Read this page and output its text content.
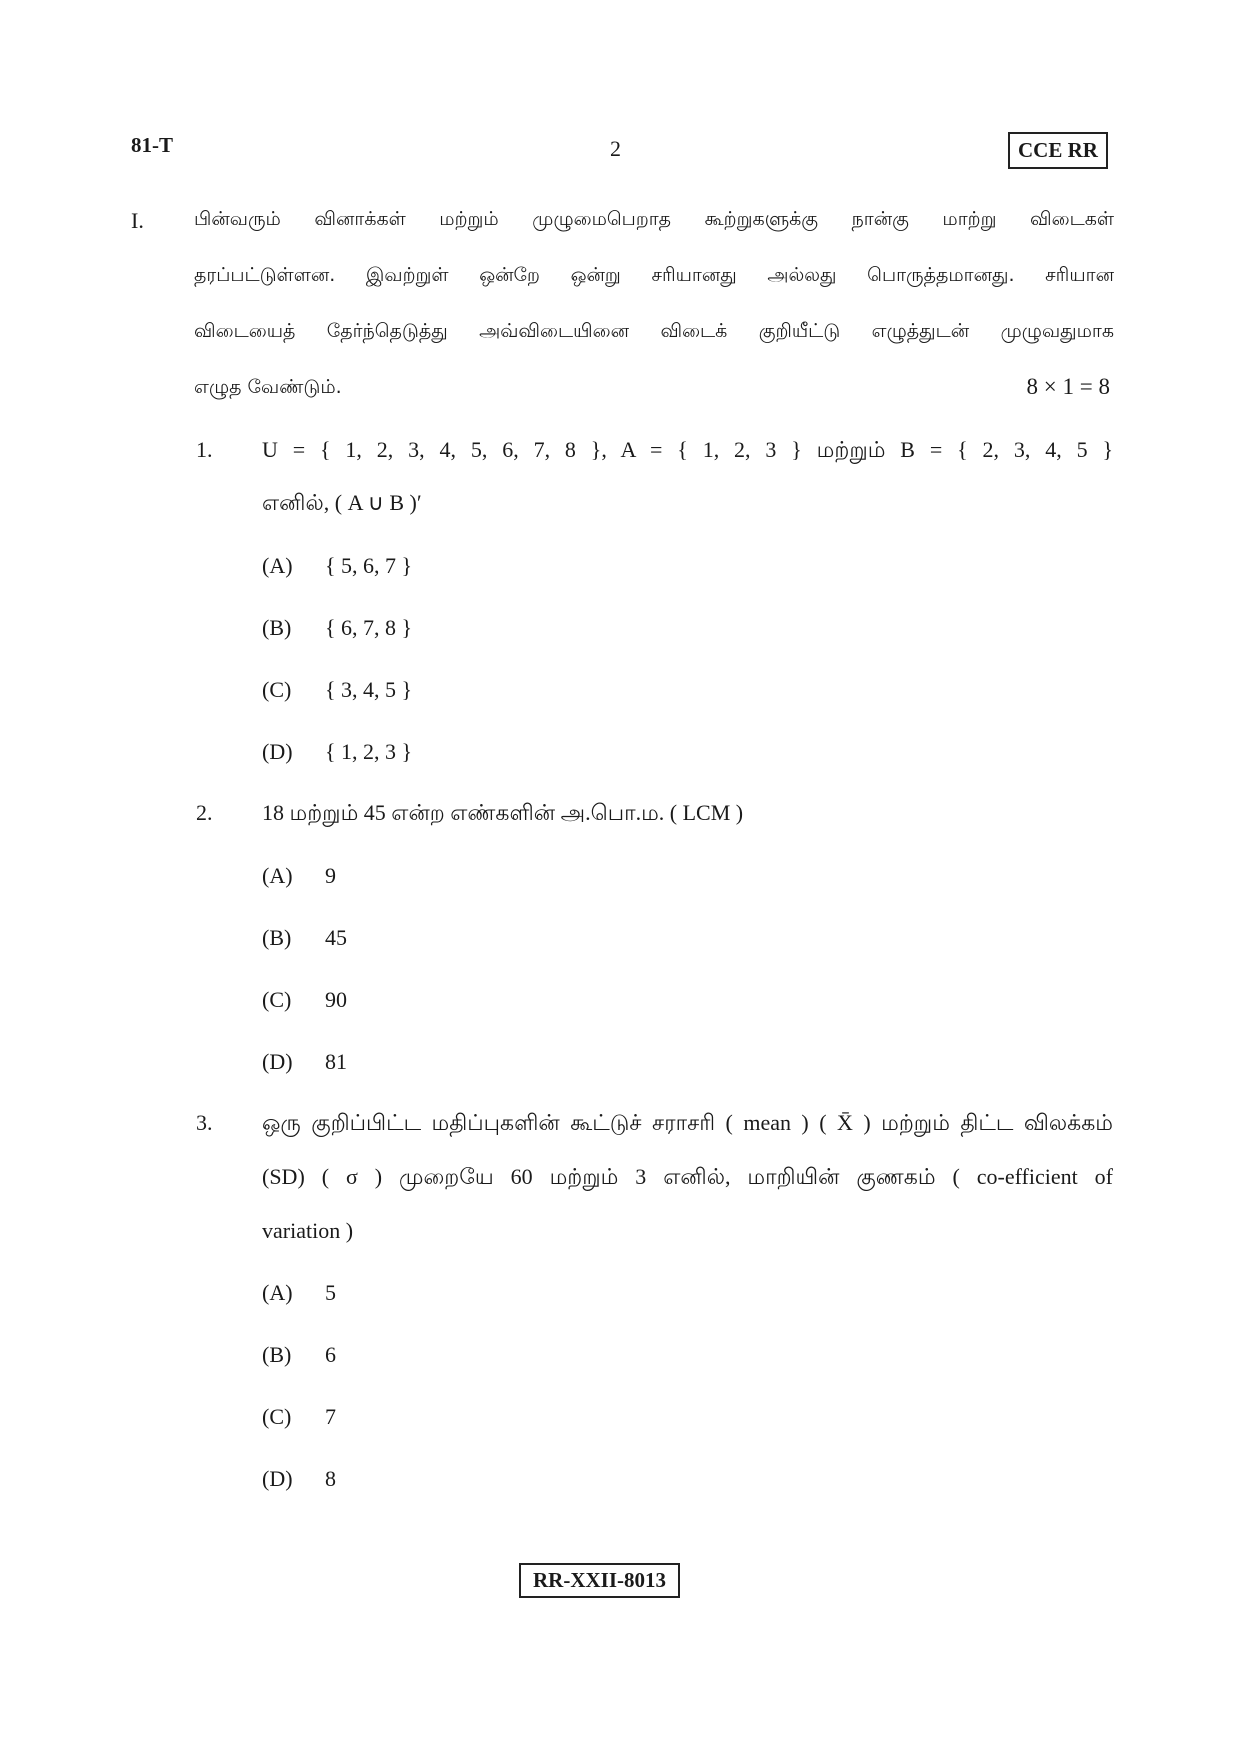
81-T	2	CCE RR
I.	பின்வரும் வினாக்கள் மற்றும் முழுமைபெறாத கூற்றுகளுக்கு நான்கு மாற்று விடைகள்
தரப்பட்டுள்ளன. இவற்றுள் ஒன்றே ஒன்று சரியானது அல்லது பொருத்தமானது. சரியான
விடையைத் தேர்ந்தெடுத்து அவ்விடையினை விடைக் குறியீட்டு எழுத்துடன் முழுவதுமாக
எழுத வேண்டும்.	8 × 1 = 8
1. U = { 1, 2, 3, 4, 5, 6, 7, 8 }, A = { 1, 2, 3 } மற்றும் B = { 2, 3, 4, 5 }
எனில், ( A ∪ B )′
(A) { 5, 6, 7 }
(B) { 6, 7, 8 }
(C) { 3, 4, 5 }
(D) { 1, 2, 3 }
2. 18 மற்றும் 45 என்ற எண்களின் அ.பொ.ம. ( LCM )
(A) 9
(B) 45
(C) 90
(D) 81
3. ஒரு குறிப்பிட்ட மதிப்புகளின் கூட்டுச் சராசரி ( mean ) ( X̄ ) மற்றும் திட்ட விலக்கம்
(SD) ( σ ) முறையே 60 மற்றும் 3 எனில், மாறியின் குணகம் ( co-efficient of
variation )
(A) 5
(B) 6
(C) 7
(D) 8
RR-XXII-8013
